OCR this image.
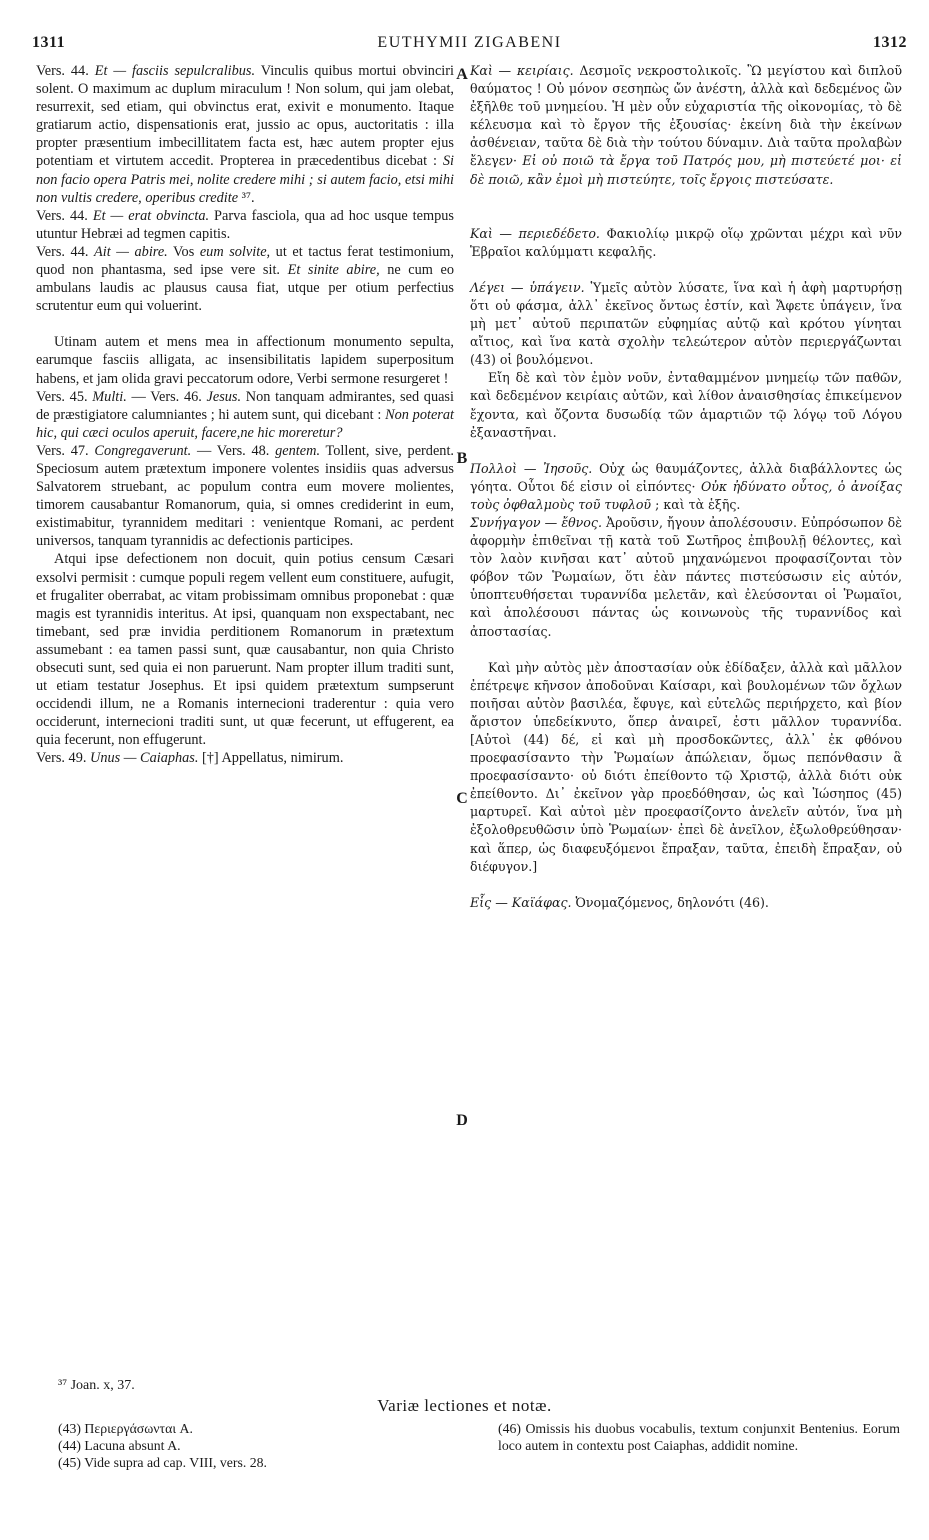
1311	EUTHYMII ZIGABENI	1312

Vers. 44. Et — fasciis sepulcralibus. Vinculis quibus mortui obvinciri solent. O maximum ac duplum miraculum ! Non solum, qui jam olebat, resurrexit, sed etiam, qui obvinctus erat, exivit e monumento. Itaque gratiarum actio, dispensationis erat, jussio ac opus, auctoritatis : illa propter præsentium imbecillitatem facta est, hæc autem propter ejus potentiam et virtutem accedit. Propterea in præcedentibus dicebat : Si non facio opera Patris mei, nolite credere mihi ; si autem facio, etsi mihi non vultis credere, operibus credite ³⁷.

Vers. 44. Et — erat obvincta. Parva fasciola, qua ad hoc usque tempus utuntur Hebræi ad tegmen capitis.

Vers. 44. Ait — abire. Vos eum solvite, ut et tactus ferat testimonium, quod non phantasma, sed ipse vere sit. Et sinite abire, ne cum eo ambulans laudis ac plausus causa fiat, utque per otium perfectius scrutentur eum qui voluerint.

Utinam autem et mens mea in affectionum monumento sepulta, earumque fasciis alligata, ac insensibilitatis lapidem superpositum habens, et jam olida gravi peccatorum odore, Verbi sermone resurgeret !

Vers. 45. Multi. — Vers. 46. Jesus. Non tanquam admirantes, sed quasi de præstigiatore calumniantes ; hi autem sunt, qui dicebant : Non poterat hic, qui cæci oculos aperuit, facere,ne hic moreretur?

Vers. 47. Congregaverunt. — Vers. 48. gentem. Tollent, sive, perdent. Speciosum autem prætextum imponere volentes insidiis quas adversus Salvatorem struebant, ac populum contra eum movere molientes, timorem causabantur Romanorum, quia, si omnes crediderint in eum, existimabitur, tyrannidem meditari : venientque Romani, ac perdent universos, tanquam tyrannidis ac defectionis participes.

Atqui ipse defectionem non docuit, quin potius censum Cæsari exsolvi permisit : cumque populi regem vellent eum constituere, aufugit, et frugaliter oberrabat, ac vitam probissimam omnibus proponebat : quæ magis est tyrannidis interitus. At ipsi, quanquam non exspectabant, nec timebant, sed præ invidia perditionem Romanorum in prætextum assumebant : ea tamen passi sunt, quæ causabantur, non quia Christo obsecuti sunt, sed quia ei non paruerunt. Nam propter illum traditi sunt, ut etiam testatur Josephus. Et ipsi quidem prætextum sumpserunt occidendi illum, ne a Romanis internecioni traderentur : quia vero occiderunt, internecioni traditi sunt, ut quæ fecerunt, ut effugerent, ea quia fecerunt, non effugerunt.

Vers. 49. Unus — Caiaphas. [†] Appellatus, nimirum.

A
B
C
D

Καὶ — κειρίαις. Δεσμοῖς νεκροστολικοῖς. Ὢ μεγίστου καὶ διπλοῦ θαύματος ! Οὐ μόνον σεσηπὼς ὤν ἀνέστη, ἀλλὰ καὶ δεδεμένος ὢν ἐξῆλθε τοῦ μνημείου. Ἡ μὲν οὖν εὐχαριστία τῆς οἰκονομίας, τὸ δὲ κέλευσμα καὶ τὸ ἔργον τῆς ἐξουσίας· ἐκείνη διὰ τὴν ἐκείνων ἀσθένειαν, ταῦτα δὲ διὰ τὴν τούτου δύναμιν. Διὰ ταῦτα προλαβὼν ἔλεγεν· Εἰ οὐ ποιῶ τὰ ἔργα τοῦ Πατρός μου, μὴ πιστεύετέ μοι· εἰ δὲ ποιῶ, κἂν ἐμοὶ μὴ πιστεύητε, τοῖς ἔργοις πιστεύσατε.

Καὶ — περιεδέδετο. Φακιολίῳ μικρῷ οἵῳ χρῶνται μέχρι καὶ νῦν Ἑβραῖοι καλύμματι κεφαλῆς.

Λέγει — ὑπάγειν. Ὑμεῖς αὐτὸν λύσατε, ἵνα καὶ ἡ ἀφὴ μαρτυρήσῃ ὅτι οὐ φάσμα, ἀλλ᾿ ἐκεῖνος ὄντως ἐστίν, καὶ Ἄφετε ὑπάγειν, ἵνα μὴ μετ᾿ αὐτοῦ περιπατῶν εὐφημίας αὐτῷ καὶ κρότου γίνηται αἴτιος, καὶ ἵνα κατὰ σχολὴν τελεώτερον αὐτὸν περιεργάζωνται (43) οἱ βουλόμενοι.

Εἴη δὲ καὶ τὸν ἐμὸν νοῦν, ἐνταθαμμένον μνημείῳ τῶν παθῶν, καὶ δεδεμένον κειρίαις αὐτῶν, καὶ λίθον ἀναισθησίας ἐπικείμενον ἔχοντα, καὶ ὄζοντα δυσωδίᾳ τῶν ἁμαρτιῶν τῷ λόγῳ τοῦ Λόγου ἐξαναστῆναι.

Πολλοὶ — Ἰησοῦς. Οὐχ ὡς θαυμάζοντες, ἀλλὰ διαβάλλοντες ὡς γόητα. Οὗτοι δέ εἰσιν οἱ εἰπόντες· Οὐκ ἠδύνατο οὗτος, ὁ ἀνοίξας τοὺς ὀφθαλμοὺς τοῦ τυφλοῦ ; καὶ τὰ ἑξῆς.

Συνήγαγον — ἔθνος. Ἀροῦσιν, ἤγουν ἀπολέσουσιν. Εὐπρόσωπον δὲ ἀφορμὴν ἐπιθεῖναι τῇ κατὰ τοῦ Σωτῆρος ἐπιβουλῇ θέλοντες, καὶ τὸν λαὸν κινῆσαι κατ᾿ αὐτοῦ μηχανώμενοι προφασίζονται τὸν φόβον τῶν Ῥωμαίων, ὅτι ἐὰν πάντες πιστεύσωσιν εἰς αὐτόν, ὑποπτευθήσεται τυραννίδα μελετᾶν, καὶ ἐλεύσονται οἱ Ῥωμαῖοι, καὶ ἀπολέσουσι πάντας ὡς κοινωνοὺς τῆς τυραννίδος καὶ ἀποστασίας.

Καὶ μὴν αὐτὸς μὲν ἀποστασίαν οὐκ ἐδίδαξεν, ἀλλὰ καὶ μᾶλλον ἐπέτρεψε κῆνσον ἀποδοῦναι Καίσαρι, καὶ βουλομένων τῶν ὄχλων ποιῆσαι αὐτὸν βασιλέα, ἔφυγε, καὶ εὐτελῶς περιήρχετο, καὶ βίον ἄριστον ὑπεδείκνυτο, ὅπερ ἀναιρεῖ, ἐστι μᾶλλον τυραννίδα. [Αὐτοὶ (44) δέ, εἰ καὶ μὴ προσδοκῶντες, ἀλλ᾿ ἐκ φθόνου προεφασίσαντο τὴν Ῥωμαίων ἀπώλειαν, ὅμως πεπόνθασιν ἃ προεφασίσαντο· οὐ διότι ἐπείθοντο τῷ Χριστῷ, ἀλλὰ διότι οὐκ ἐπείθοντο. Δι᾿ ἐκεῖνον γὰρ προεδόθησαν, ὡς καὶ Ἰώσηπος (45) μαρτυρεῖ. Καὶ αὐτοὶ μὲν προεφασίζοντο ἀνελεῖν αὐτόν, ἵνα μὴ ἐξολοθρευθῶσιν ὑπὸ Ῥωμαίων· ἐπεὶ δὲ ἀνεῖλον, ἐξωλοθρεύθησαν· καὶ ἅπερ, ὡς διαφευξόμενοι ἔπραξαν, ταῦτα, ἐπειδὴ ἔπραξαν, οὐ διέφυγον.]

Εἷς — Καϊάφας. Ὀνομαζόμενος, δηλονότι (46).

³⁷ Joan. x, 37.
Variæ lectiones et notæ.
(43) Περιεργάσωνται A.
(44) Lacuna absunt A.
(45) Vide supra ad cap. VIII, vers. 28.
(46) Omissis his duobus vocabulis, textum conjunxit Bentenius. Eorum loco autem in contextu post Caiaphas, addidit nomine.
